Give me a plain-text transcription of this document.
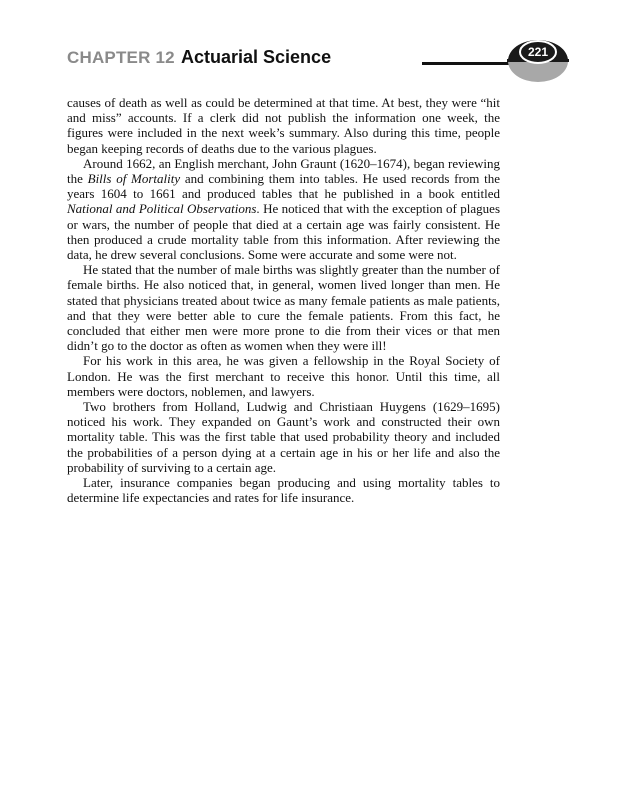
CHAPTER 12 Actuarial Science	221

causes of death as well as could be determined at that time. At best, they were “hit and miss” accounts. If a clerk did not publish the information one week, the figures were included in the next week’s summary. Also during this time, people began keeping records of deaths due to the various plagues.

Around 1662, an English merchant, John Graunt (1620–1674), began reviewing the Bills of Mortality and combining them into tables. He used records from the years 1604 to 1661 and produced tables that he published in a book entitled National and Political Observations. He noticed that with the exception of plagues or wars, the number of people that died at a certain age was fairly consistent. He then produced a crude mortality table from this information. After reviewing the data, he drew several conclusions. Some were accurate and some were not.

He stated that the number of male births was slightly greater than the number of female births. He also noticed that, in general, women lived longer than men. He stated that physicians treated about twice as many female patients as male patients, and that they were better able to cure the female patients. From this fact, he concluded that either men were more prone to die from their vices or that men didn’t go to the doctor as often as women when they were ill!

For his work in this area, he was given a fellowship in the Royal Society of London. He was the first merchant to receive this honor. Until this time, all members were doctors, noblemen, and lawyers.

Two brothers from Holland, Ludwig and Christiaan Huygens (1629–1695) noticed his work. They expanded on Gaunt’s work and constructed their own mortality table. This was the first table that used probability theory and included the probabilities of a person dying at a certain age in his or her life and also the probability of surviving to a certain age.

Later, insurance companies began producing and using mortality tables to determine life expectancies and rates for life insurance.
